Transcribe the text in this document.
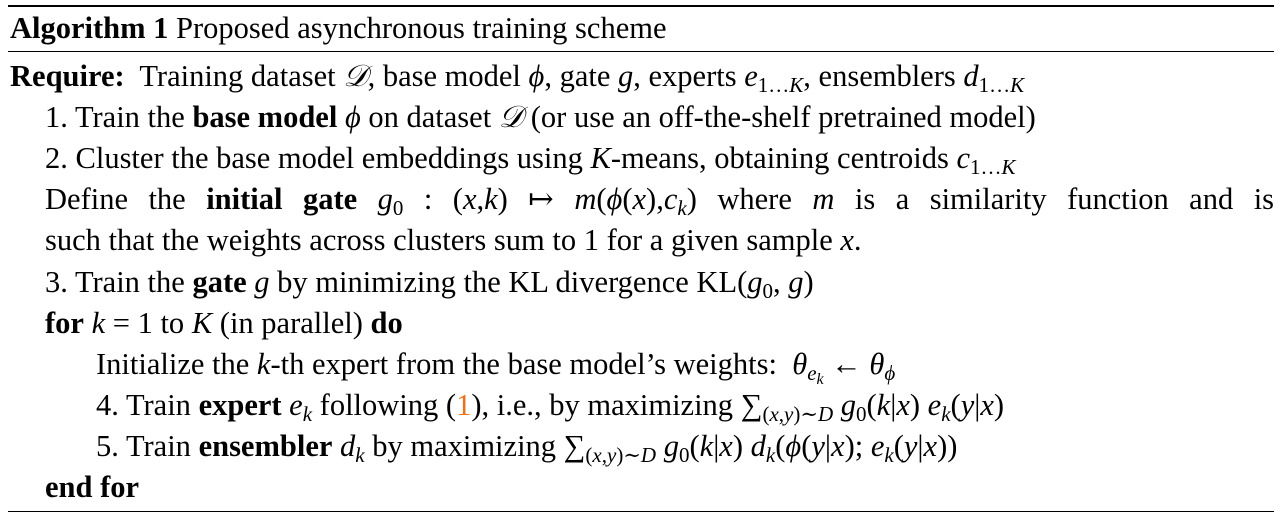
Algorithm 1 Proposed asynchronous training scheme
Require: Training dataset 𝒟, base model ϕ, gate g, experts $e_{1\dots K}$, ensemblers $d_{1\dots K}$
1. Train the base model ϕ on dataset 𝒟 (or use an off-the-shelf pretrained model)
2. Cluster the base model embeddings using K-means, obtaining centroids $c_{1\dots K}$
Define the initial gate $g_0$ : (x,k) ↦ $m(\phi(x),c_k)$ where m is a similarity function and is
such that the weights across clusters sum to 1 for a given sample x.
3. Train the gate g by minimizing the KL divergence $KL(g_0$, g)
for k = 1 to K (in parallel) do
Initialize the k-th expert from the base model’s weights: $\theta_{e_k}$ ← $\theta_\phi$
4. Train expert $e_k$ following (1), i.e., by maximizing $\sum_{(x,y)\sim D}$ $g_0(k|x)$ $e_k(y|x)$
5. Train ensembler $d_k$ by maximizing $\sum_{(x,y)\sim D}$ $g_0(k|x)$ $d_k(\phi(y|x)$; $e_k(y|x)$)
end for
